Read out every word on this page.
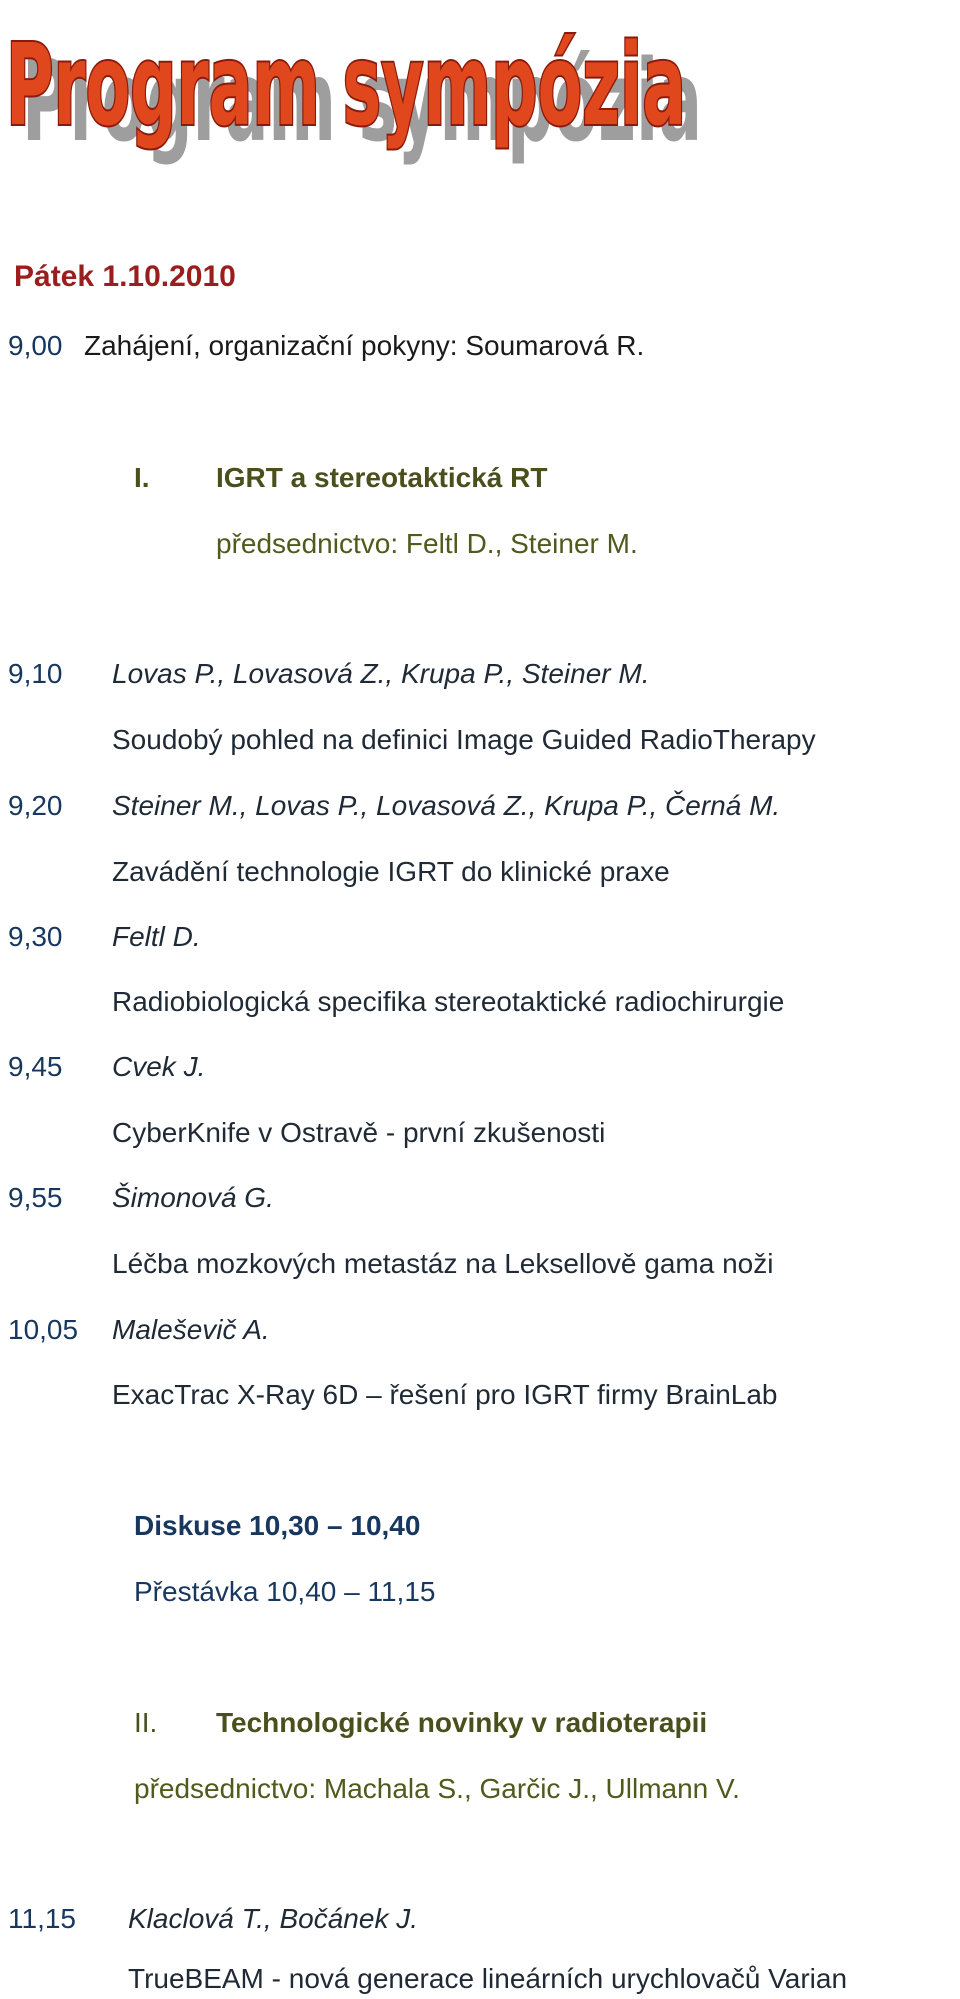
Program sympózia
Program sympózia
Pátek 1.10.2010
9,00 Zahájení, organizační pokyny: Soumarová R.
I. IGRT a stereotaktická RT
předsednictvo: Feltl D., Steiner M.
9,10 Lovas P., Lovasová Z., Krupa P., Steiner M.
Soudobý pohled na definici Image Guided RadioTherapy
9,20 Steiner M., Lovas P., Lovasová Z., Krupa P., Černá M.
Zavádění technologie IGRT do klinické praxe
9,30 Feltl D.
Radiobiologická specifika stereotaktické radiochirurgie
9,45 Cvek J.
CyberKnife v Ostravě - první zkušenosti
9,55 Šimonová G.
Léčba mozkových metastáz na Leksellově gama noži
10,05 Maleševič A.
ExacTrac X-Ray 6D – řešení pro IGRT firmy BrainLab
Diskuse 10,30 – 10,40
Přestávka 10,40 – 11,15
II. Technologické novinky v radioterapii
předsednictvo: Machala S., Garčic J., Ullmann V.
11,15 Klaclová T., Bočánek J.
TrueBEAM - nová generace lineárních urychlovačů Varian
